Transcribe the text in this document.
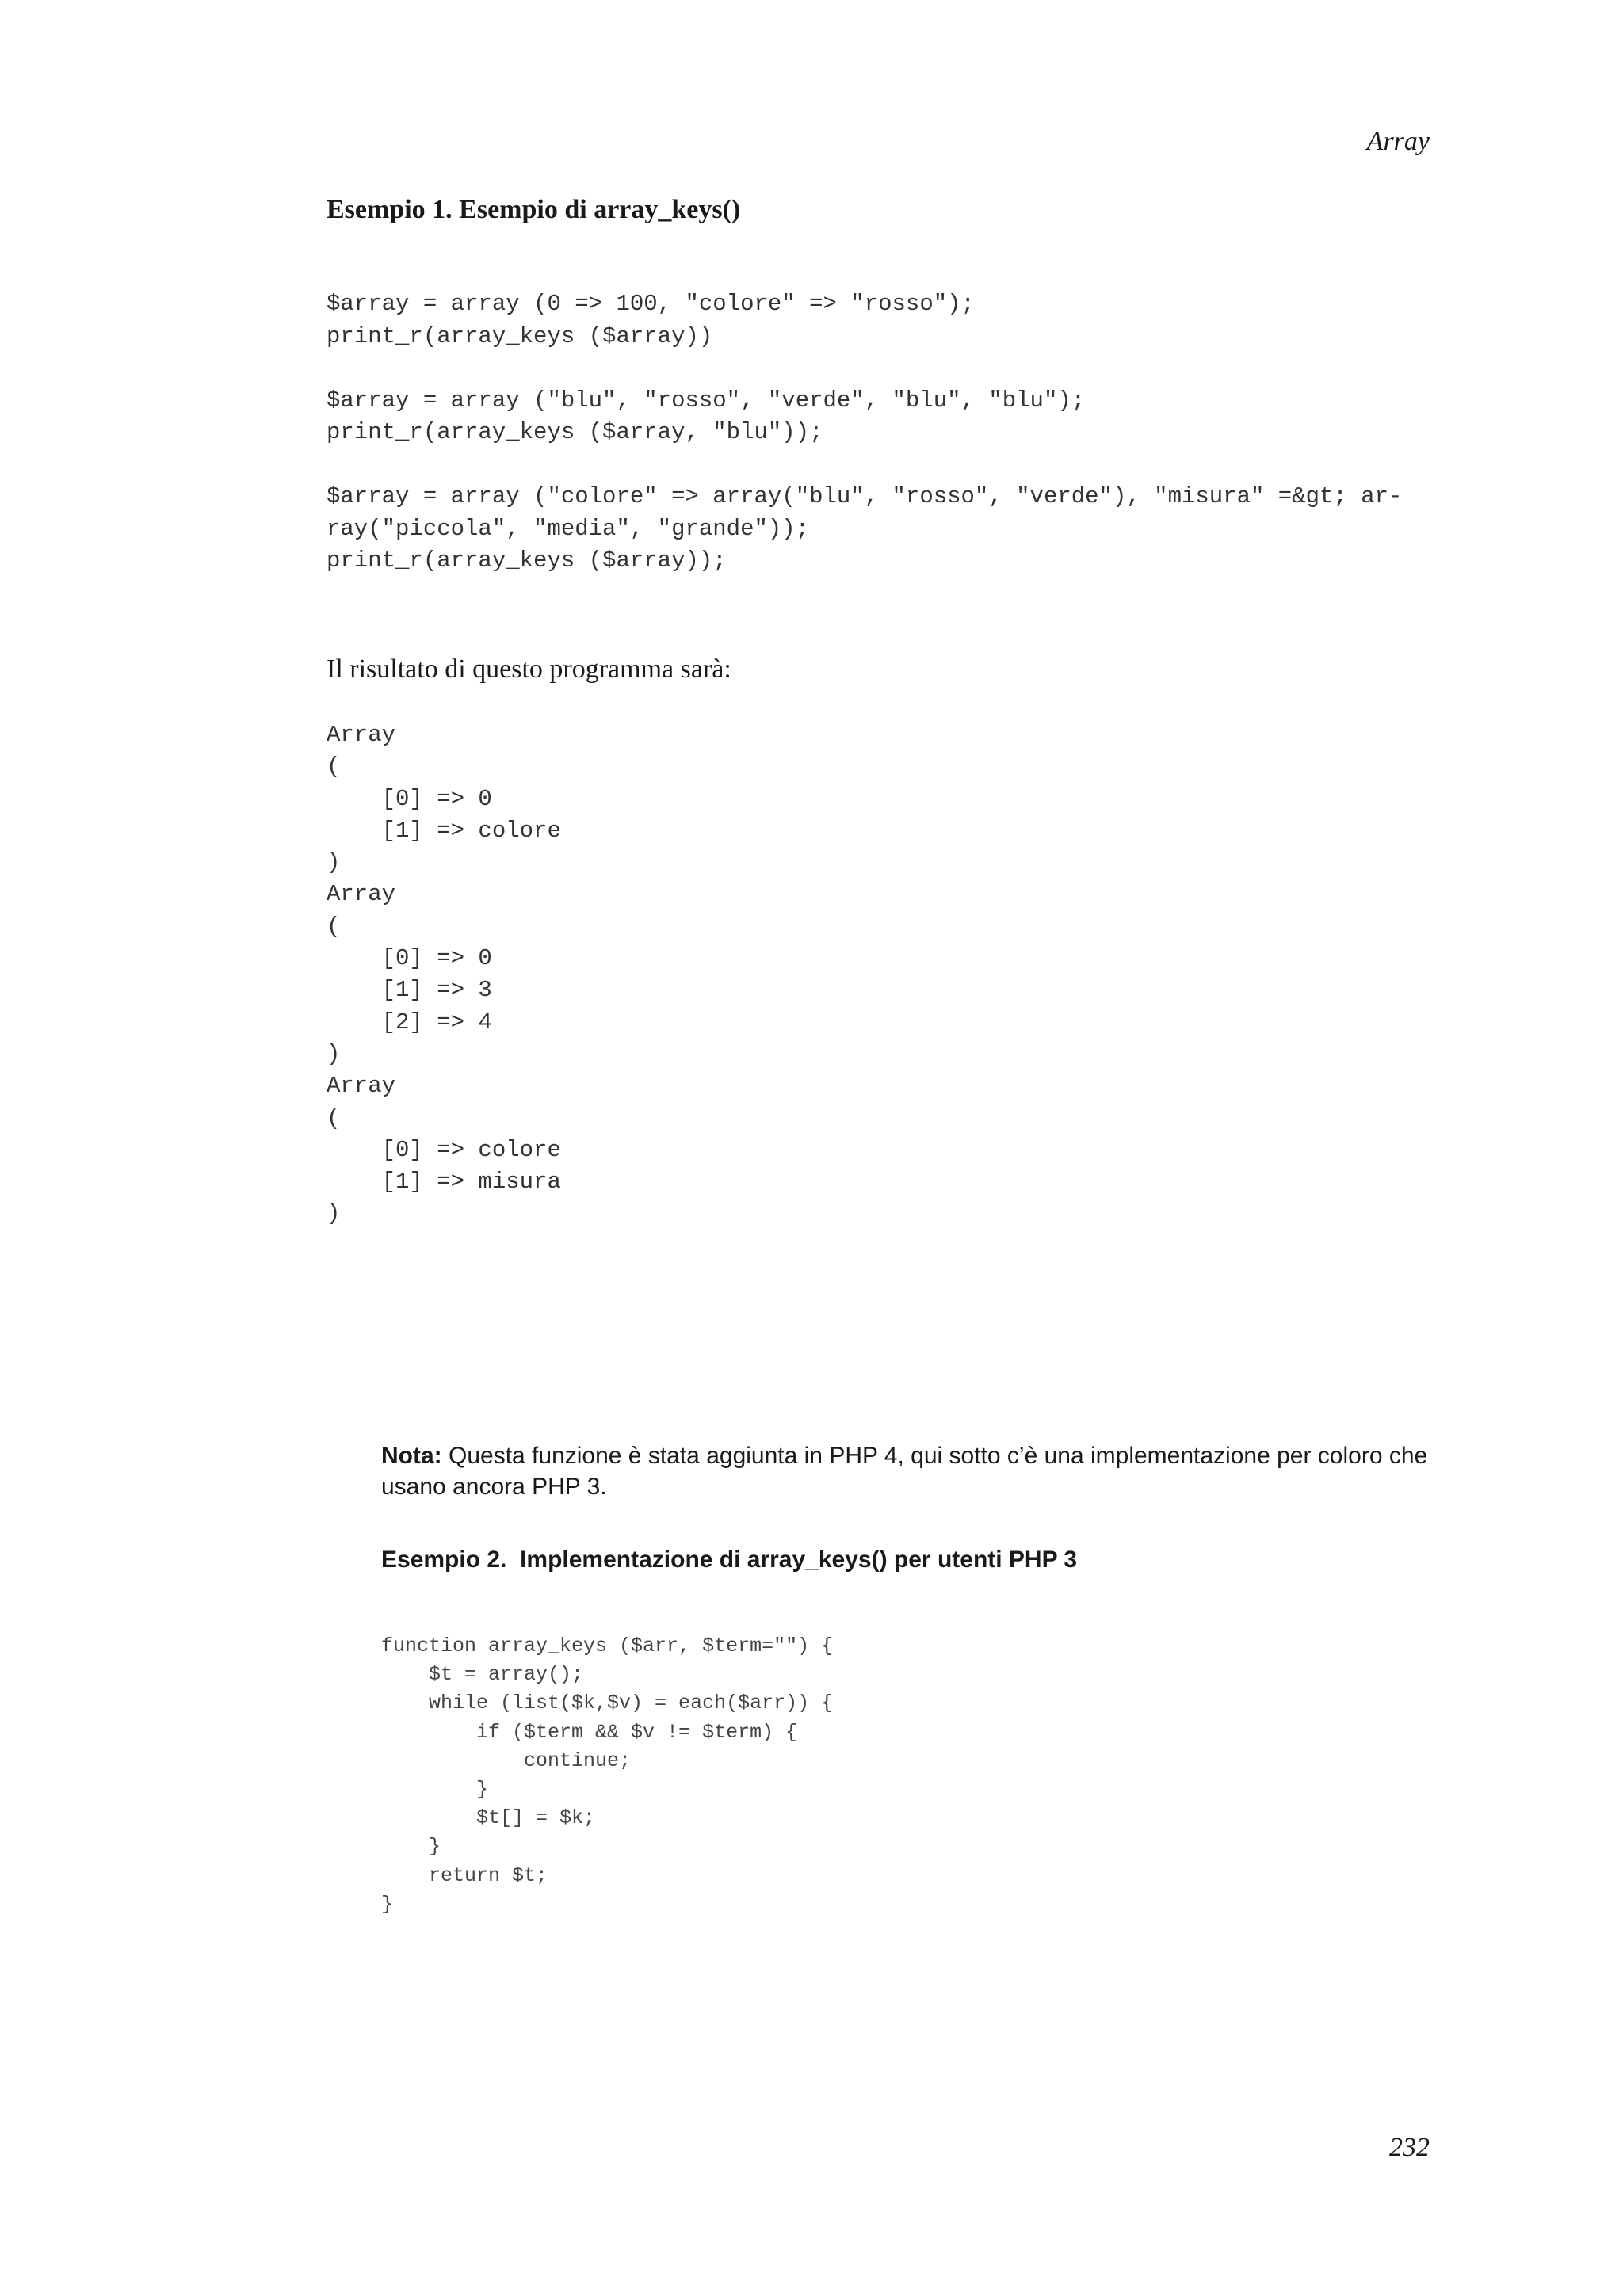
Array
Esempio 1. Esempio di array_keys()
$array = array (0 => 100, "colore" => "rosso");
print_r(array_keys ($array))

$array = array ("blu", "rosso", "verde", "blu", "blu");
print_r(array_keys ($array, "blu"));

$array = array ("colore" => array("blu", "rosso", "verde"), "misura" =&gt; ar-
ray("piccola", "media", "grande"));
print_r(array_keys ($array));
Il risultato di questo programma sarà:
Array
(
[0] => 0
[1] => colore
)
Array
(
[0] => 0
[1] => 3
[2] => 4
)
Array
(
[0] => colore
[1] => misura
)
Nota: Questa funzione è stata aggiunta in PHP 4, qui sotto c’è una implementazione per coloro che usano ancora PHP 3.
Esempio 2.  Implementazione di array_keys() per utenti PHP 3
function array_keys ($arr, $term="") {
$t = array();
while (list($k,$v) = each($arr)) {
if ($term && $v != $term) {
continue;
}
$t[] = $k;
}
return $t;
}
232
